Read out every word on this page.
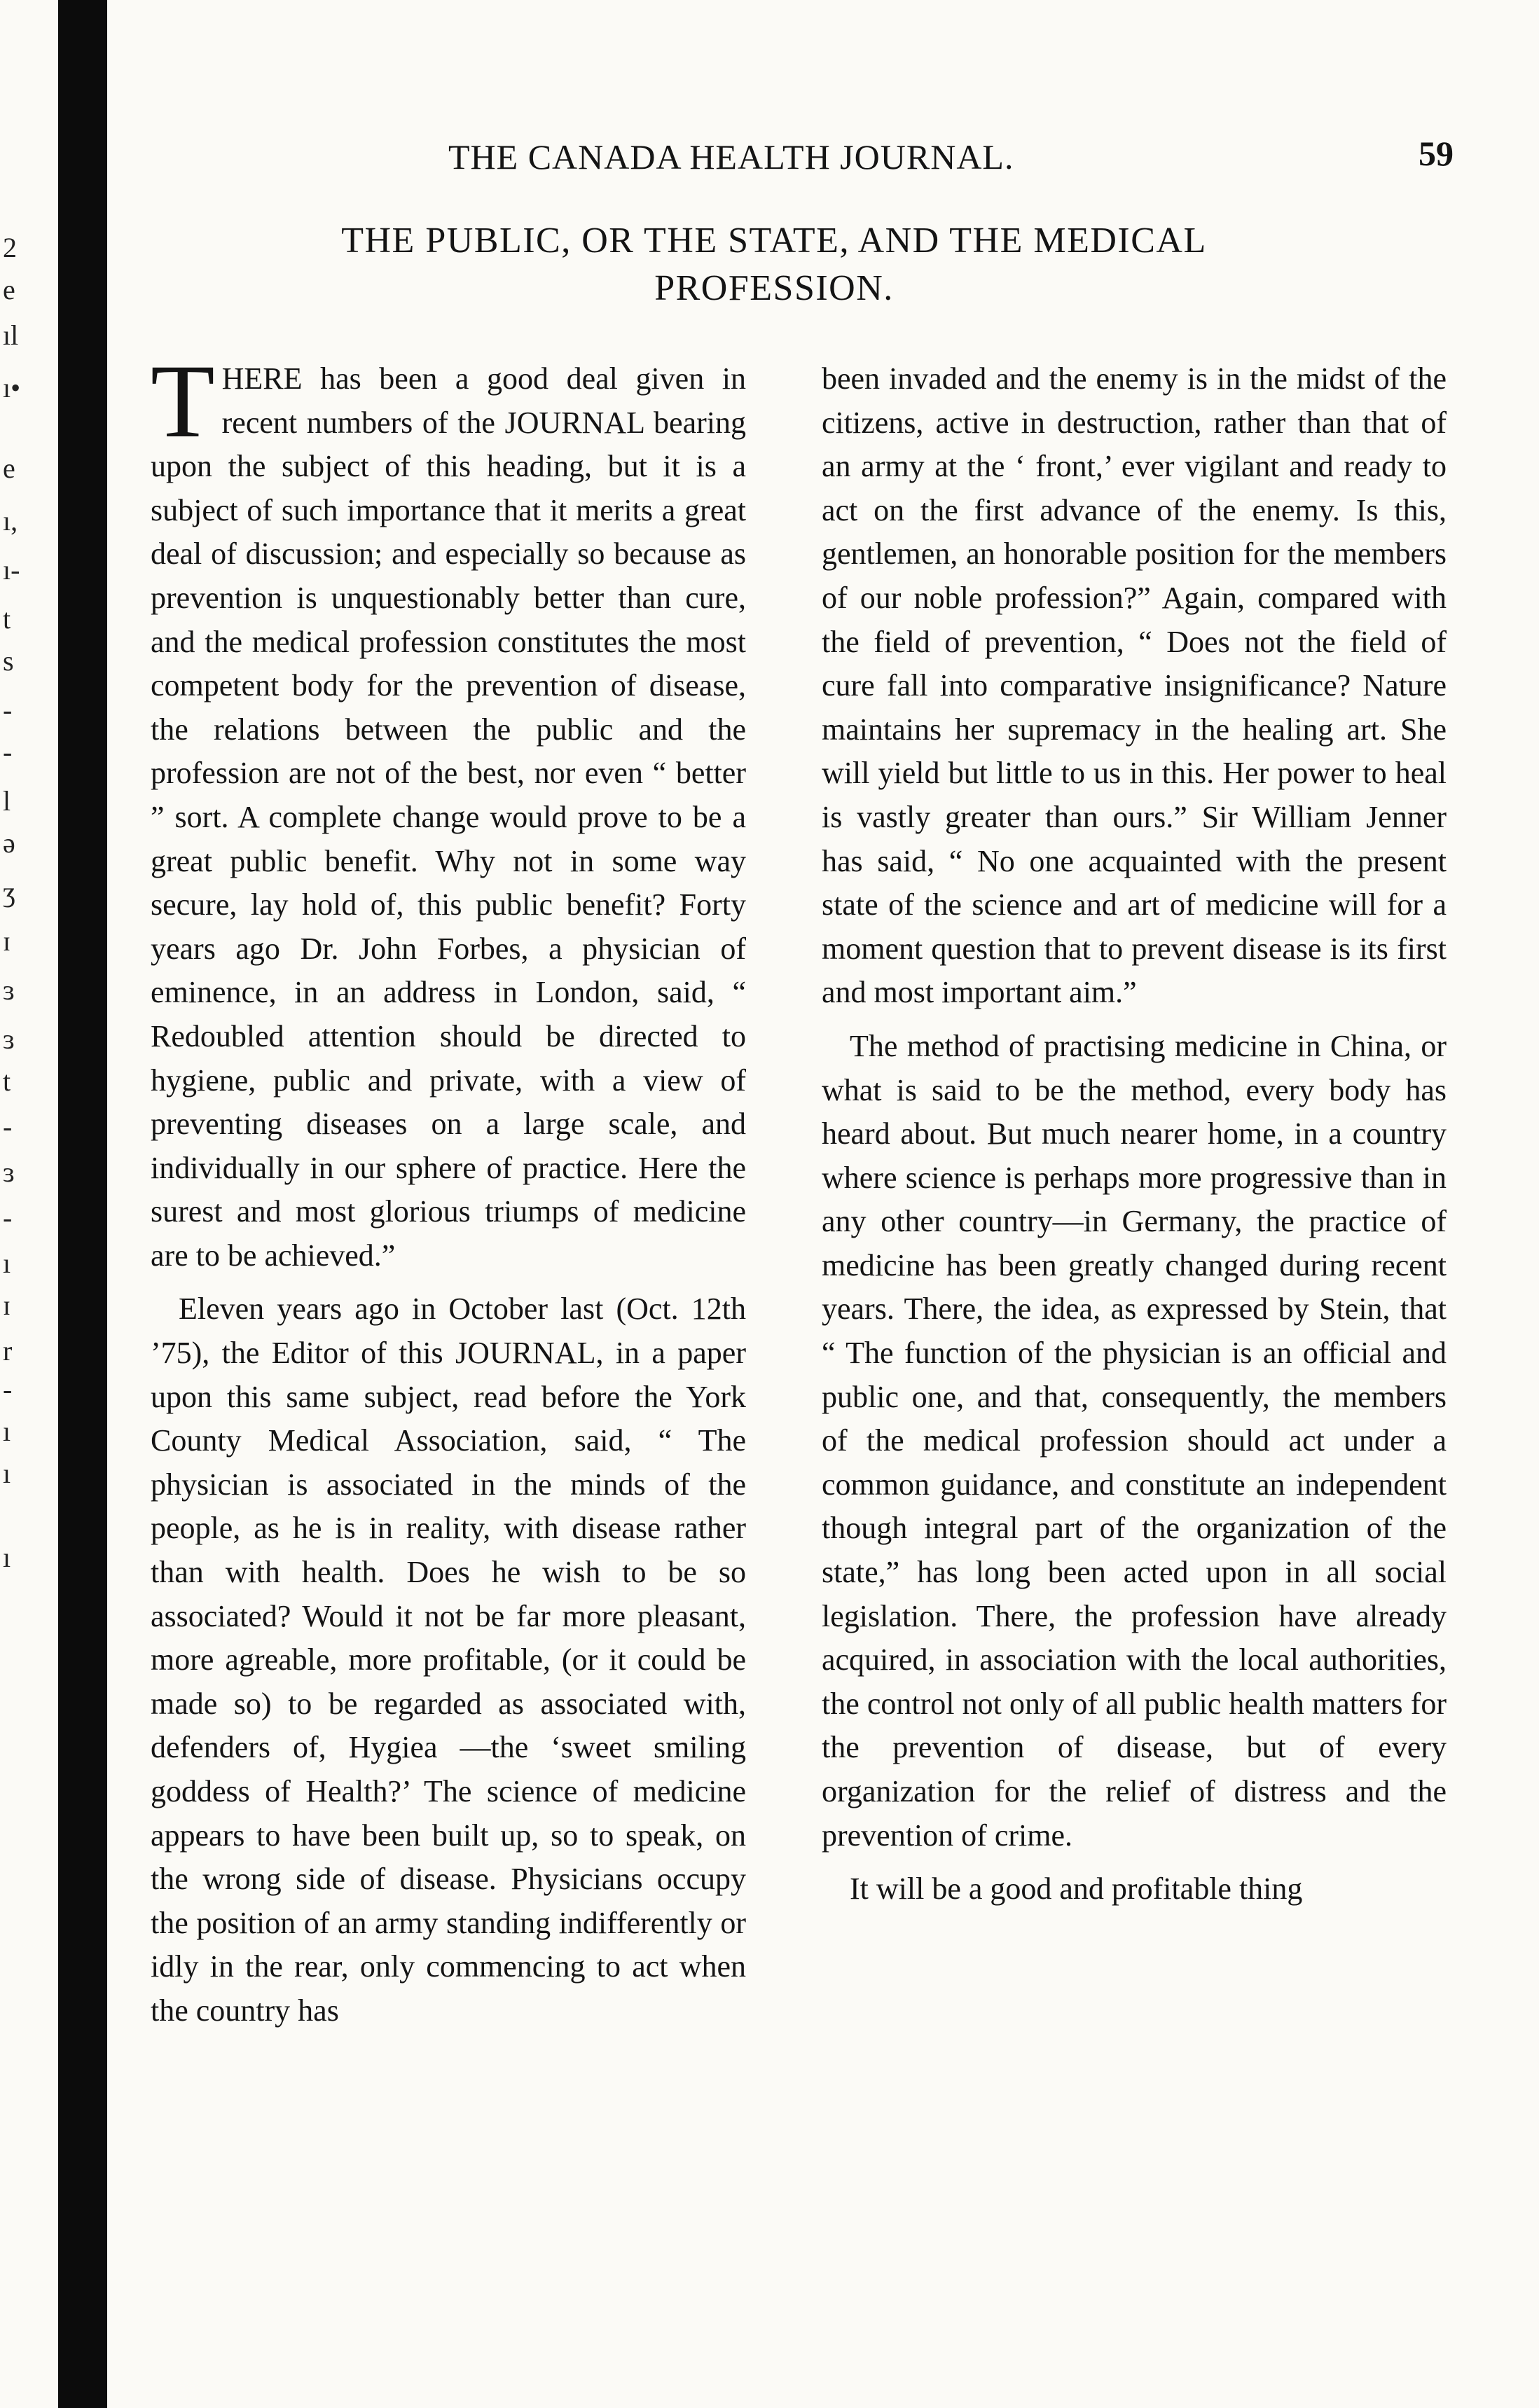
2
e
ıl
ı•
e
ı,
ı-
t
s
-
-
l
ə
ʒ
ɪ
ɜ
ɜ
t
-
ɜ
-
ı
ɪ
r
-
ı
ı
ı
THE CANADA HEALTH JOURNAL.	59
THE PUBLIC, OR THE STATE, AND THE MEDICAL
PROFESSION.

THERE has been a good deal given in recent numbers of the JOURNAL bearing upon the subject of this heading, but it is a subject of such importance that it merits a great deal of discussion; and especially so because as prevention is unquestionably better than cure, and the medical profession constitutes the most competent body for the prevention of disease, the relations between the public and the profession are not of the best, nor even “ better ” sort. A complete change would prove to be a great public benefit. Why not in some way secure, lay hold of, this public benefit? Forty years ago Dr. John Forbes, a physician of eminence, in an address in London, said, “ Redoubled attention should be directed to hygiene, public and private, with a view of preventing diseases on a large scale, and individually in our sphere of practice. Here the surest and most glorious triumps of medicine are to be achieved.”

Eleven years ago in October last (Oct. 12th ’75), the Editor of this JOURNAL, in a paper upon this same subject, read before the York County Medical Association, said, “ The physician is associated in the minds of the people, as he is in reality, with disease rather than with health. Does he wish to be so associated? Would it not be far more pleasant, more agreable, more profitable, (or it could be made so) to be regarded as associated with, defenders of, Hygiea —the ‘sweet smiling goddess of Health?’ The science of medicine appears to have been built up, so to speak, on the wrong side of disease. Physicians occupy the position of an army standing indifferently or idly in the rear, only commencing to act when the country has

been invaded and the enemy is in the midst of the citizens, active in destruction, rather than that of an army at the ‘ front,’ ever vigilant and ready to act on the first advance of the enemy. Is this, gentlemen, an honorable position for the members of our noble profession?” Again, compared with the field of prevention, “ Does not the field of cure fall into comparative insignificance? Nature maintains her supremacy in the healing art. She will yield but little to us in this. Her power to heal is vastly greater than ours.” Sir William Jenner has said, “ No one acquainted with the present state of the science and art of medicine will for a moment question that to prevent disease is its first and most important aim.”

The method of practising medicine in China, or what is said to be the method, every body has heard about. But much nearer home, in a country where science is perhaps more progressive than in any other country—in Germany, the practice of medicine has been greatly changed during recent years. There, the idea, as expressed by Stein, that “ The function of the physician is an official and public one, and that, consequently, the members of the medical profession should act under a common guidance, and constitute an independent though integral part of the organization of the state,” has long been acted upon in all social legislation. There, the profession have already acquired, in association with the local authorities, the control not only of all public health matters for the prevention of disease, but of every organization for the relief of distress and the prevention of crime.

It will be a good and profitable thing
